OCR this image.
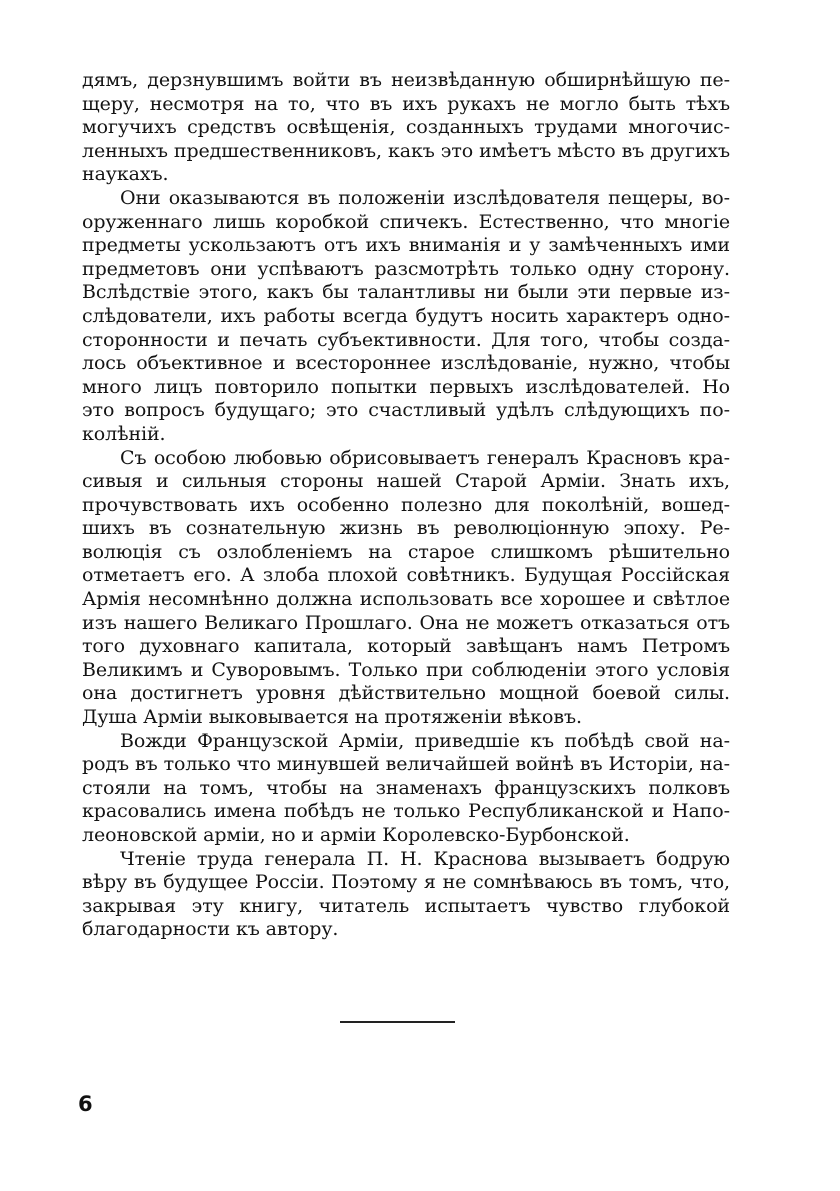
дямъ, дерзнувшимъ войти въ неизвѣданную обширнѣйшую пещеру, несмотря на то, что въ ихъ рукахъ не могло быть тѣхъ могучихъ средствъ освѣщенія, созданныхъ трудами многочисленныхъ предшественниковъ, какъ это имѣетъ мѣсто въ другихъ наукахъ.

Они оказываются въ положеніи изслѣдователя пещеры, вооруженнаго лишь коробкой спичекъ. Естественно, что многіе предметы ускользаютъ отъ ихъ вниманія и у замѣченныхъ ими предметовъ они успѣваютъ разсмотрѣть только одну сторону. Вслѣдствіе этого, какъ бы талантливы ни были эти первые изслѣдователи, ихъ работы всегда будутъ носить характеръ односторонности и печать субъективности. Для того, чтобы создалось объективное и всестороннее изслѣдованіе, нужно, чтобы много лицъ повторило попытки первыхъ изслѣдователей. Но это вопросъ будущаго; это счастливый удѣлъ слѣдующихъ поколѣній.

Съ особою любовью обрисовываетъ генералъ Красновъ красивыя и сильныя стороны нашей Старой Арміи. Знать ихъ, прочувствовать ихъ особенно полезно для поколѣній, вошедшихъ въ сознательную жизнь въ революціонную эпоху. Революція съ озлобленіемъ на старое слишкомъ рѣшительно отметаетъ его. А злоба плохой совѣтникъ. Будущая Россійская Армія несомнѣнно должна использовать все хорошее и свѣтлое изъ нашего Великаго Прошлаго. Она не можетъ отказаться отъ того духовнаго капитала, который завѣщанъ намъ Петромъ Великимъ и Суворовымъ. Только при соблюденіи этого условія она достигнетъ уровня дѣйствительно мощной боевой силы. Душа Арміи выковывается на протяженіи вѣковъ.

Вожди Французской Арміи, приведшіе къ побѣдѣ свой народъ въ только что минувшей величайшей войнѣ въ Исторіи, настояли на томъ, чтобы на знаменахъ французскихъ полковъ красовались имена побѣдъ не только Республиканской и Наполеоновской арміи, но и арміи Королевско-Бурбонской.

Чтеніе труда генерала П. Н. Краснова вызываетъ бодрую вѣру въ будущее Россіи. Поэтому я не сомнѣваюсь въ томъ, что, закрывая эту книгу, читатель испытаетъ чувство глубокой благодарности къ автору.

6
